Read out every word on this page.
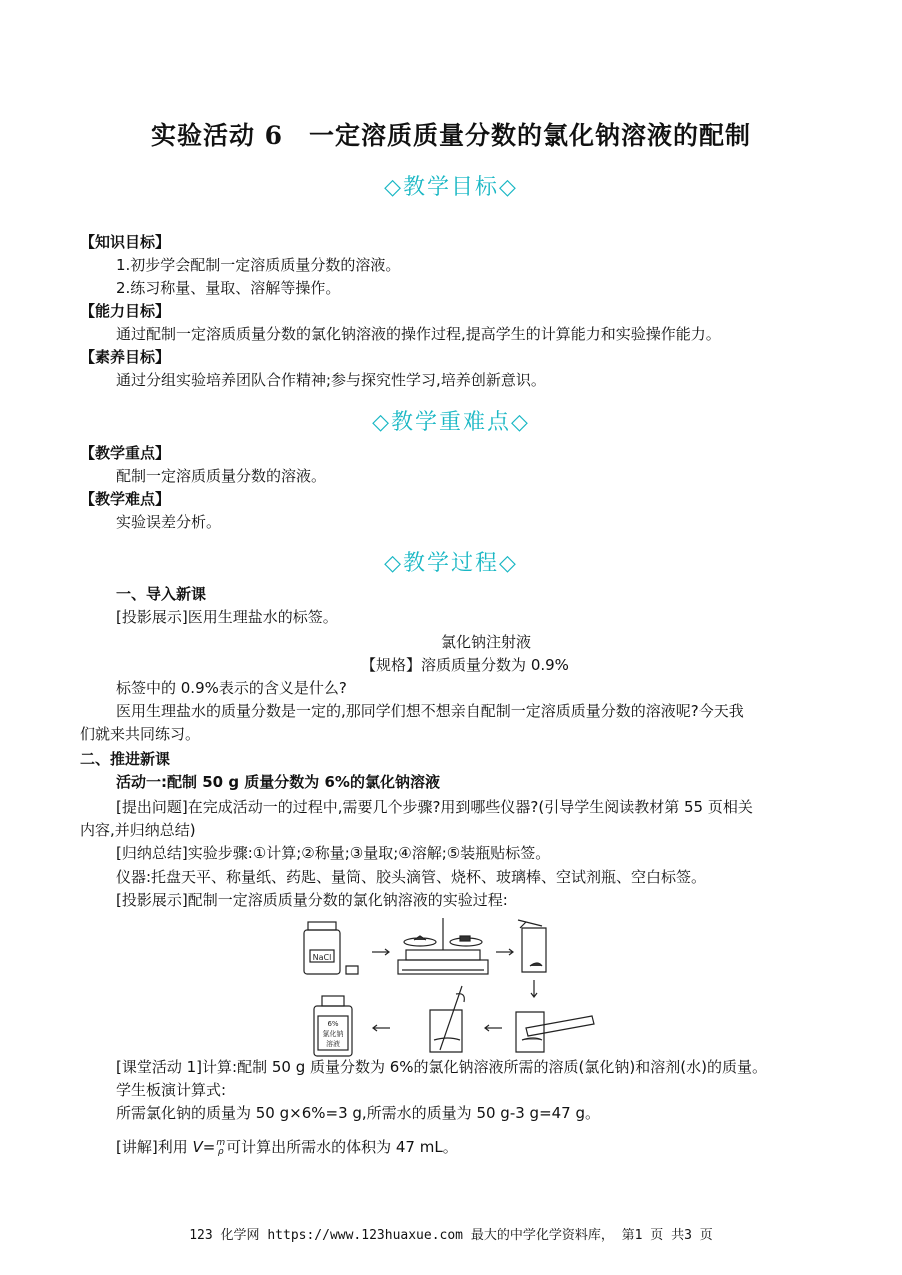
实验活动 6　一定溶质质量分数的氯化钠溶液的配制
◇教学目标◇
【知识目标】
1.初步学会配制一定溶质质量分数的溶液。
2.练习称量、量取、溶解等操作。
【能力目标】
通过配制一定溶质质量分数的氯化钠溶液的操作过程,提高学生的计算能力和实验操作能力。
【素养目标】
通过分组实验培养团队合作精神;参与探究性学习,培养创新意识。
◇教学重难点◇
【教学重点】
配制一定溶质质量分数的溶液。
【教学难点】
实验误差分析。
◇教学过程◇
一、导入新课
[投影展示]医用生理盐水的标签。
氯化钠注射液
【规格】溶质质量分数为 0.9%
标签中的 0.9%表示的含义是什么?
医用生理盐水的质量分数是一定的,那同学们想不想亲自配制一定溶质质量分数的溶液呢?今天我
们就来共同练习。
二、推进新课
活动一:配制 50 g 质量分数为 6%的氯化钠溶液
[提出问题]在完成活动一的过程中,需要几个步骤?用到哪些仪器?(引导学生阅读教材第 55 页相关
内容,并归纳总结)
[归纳总结]实验步骤:①计算;②称量;③量取;④溶解;⑤装瓶贴标签。
仪器:托盘天平、称量纸、药匙、量筒、胶头滴管、烧杯、玻璃棒、空试剂瓶、空白标签。
[投影展示]配制一定溶质质量分数的氯化钠溶液的实验过程:
NaCl
6%
氯化钠
溶液
[课堂活动 1]计算:配制 50 g 质量分数为 6%的氯化钠溶液所需的溶质(氯化钠)和溶剂(水)的质量。
学生板演计算式:
所需氯化钠的质量为 50 g×6%=3 g,所需水的质量为 50 g-3 g=47 g。
[讲解]利用 V=m
ρ 可计算出所需水的体积为 47 mL。
123 化学网 https://www.123huaxue.com 最大的中学化学资料库， 第1 页 共3 页
